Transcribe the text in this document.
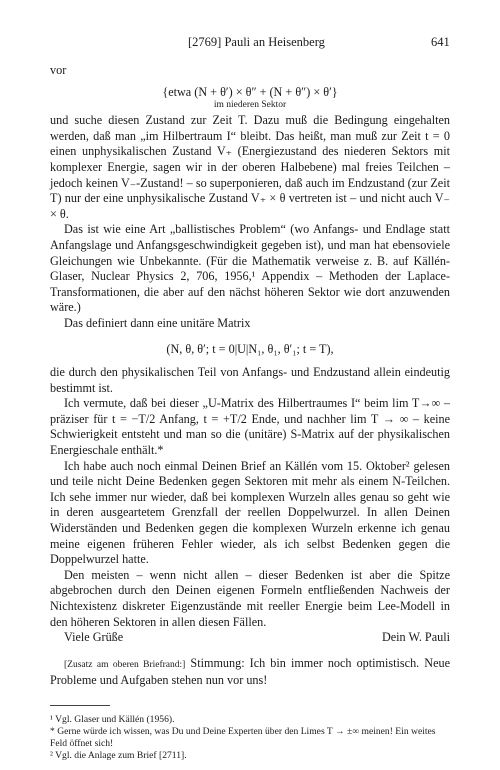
[2769] Pauli an Heisenberg	641

vor

{etwa (N + θ′) × θ″ + (N + θ″) × θ′}

im niederen Sektor

und suche diesen Zustand zur Zeit T. Dazu muß die Bedingung eingehalten werden, daß man „im Hilbertraum I“ bleibt. Das heißt, man muß zur Zeit t = 0 einen unphysikalischen Zustand V₊ (Energiezustand des niederen Sektors mit komplexer Energie, sagen wir in der oberen Halbebene) mal freies Teilchen – jedoch keinen V₋-Zustand! – so superponieren, daß auch im Endzustand (zur Zeit T) nur der eine unphysikalische Zustand V₊ × θ vertreten ist – und nicht auch V₋ × θ.

Das ist wie eine Art „ballistisches Problem“ (wo Anfangs- und Endlage statt Anfangslage und Anfangsgeschwindigkeit gegeben ist), und man hat ebensoviele Gleichungen wie Unbekannte. (Für die Mathematik verweise z. B. auf Källén-Glaser, Nuclear Physics 2, 706, 1956,¹ Appendix – Methoden der Laplace-Transformationen, die aber auf den nächst höheren Sektor wie dort anzuwenden wäre.)

Das definiert dann eine unitäre Matrix

(N, θ, θ′; t = 0|U|N₁, θ₁, θ′₁; t = T),

die durch den physikalischen Teil von Anfangs- und Endzustand allein eindeutig bestimmt ist.

Ich vermute, daß bei dieser „U-Matrix des Hilbertraumes I“ beim lim T→∞ – präziser für t = −T/2 Anfang, t = +T/2 Ende, und nachher lim T → ∞ – keine Schwierigkeit entsteht und man so die (unitäre) S-Matrix auf der physikalischen Energieschale enthält.*

Ich habe auch noch einmal Deinen Brief an Källén vom 15. Oktober² gelesen und teile nicht Deine Bedenken gegen Sektoren mit mehr als einem N-Teilchen. Ich sehe immer nur wieder, daß bei komplexen Wurzeln alles genau so geht wie in deren ausgeartetem Grenzfall der reellen Doppelwurzel. In allen Deinen Widerständen und Bedenken gegen die komplexen Wurzeln erkenne ich genau meine eigenen früheren Fehler wieder, als ich selbst Bedenken gegen die Doppelwurzel hatte.

Den meisten – wenn nicht allen – dieser Bedenken ist aber die Spitze abgebrochen durch den Deinen eigenen Formeln entfließenden Nachweis der Nichtexistenz diskreter Eigenzustände mit reeller Energie beim Lee-Modell in den höheren Sektoren in allen diesen Fällen.

Viele Grüße	Dein W. Pauli

[Zusatz am oberen Briefrand:] Stimmung: Ich bin immer noch optimistisch. Neue Probleme und Aufgaben stehen nun vor uns!

¹ Vgl. Glaser und Källén (1956).

* Gerne würde ich wissen, was Du und Deine Experten über den Limes T → ±∞ meinen! Ein weites Feld öffnet sich!

² Vgl. die Anlage zum Brief [2711].
